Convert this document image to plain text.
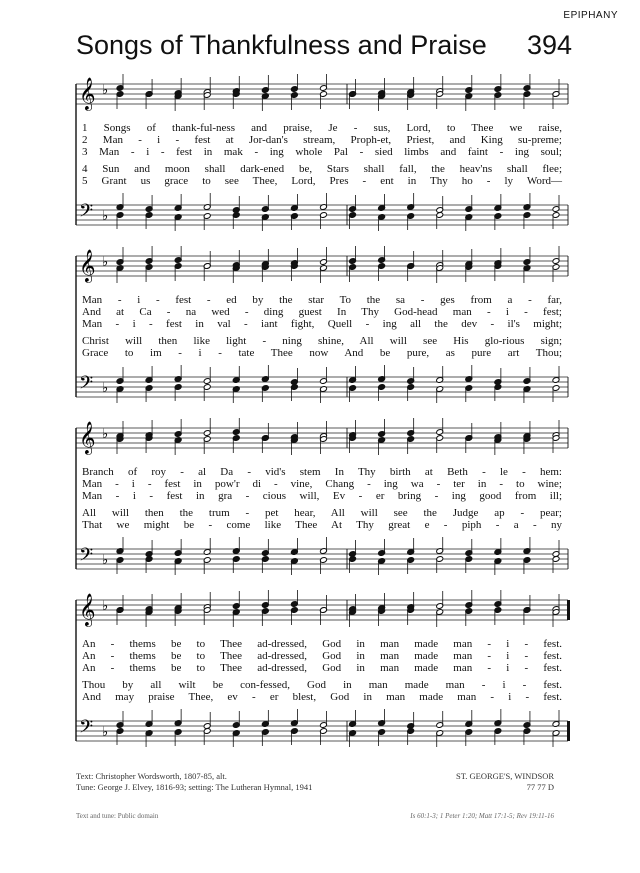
EPIPHANY
Songs of Thankfulness and Praise 394
𝄞
𝄢
♭
♭
1 Songs of thank-ful-ness and praise, Je - sus, Lord, to Thee we raise,
2 Man - i - fest at Jor-dan's stream, Proph-et, Priest, and King su-preme;
3 Man - i - fest in mak - ing whole Pal - sied limbs and faint - ing soul;
4 Sun and moon shall dark-ened be, Stars shall fall, the heav'ns shall flee;
5 Grant us grace to see Thee, Lord, Pres - ent in Thy ho - ly Word—
𝄞
𝄢
♭
♭
Man - i - fest - ed by the star To the sa - ges from a - far,
And at Ca - na wed - ding guest In Thy God-head man - i - fest;
Man - i - fest in val - iant fight, Quell - ing all the dev - il's might;
Christ will then like light - ning shine, All will see His glo-rious sign;
Grace to im - i - tate Thee now And be pure, as pure art Thou;
𝄞
𝄢
♭
♭
Branch of roy - al Da - vid's stem In Thy birth at Beth - le - hem:
Man - i - fest in pow'r di - vine, Chang - ing wa - ter in - to wine;
Man - i - fest in gra - cious will, Ev - er bring - ing good from ill;
All will then the trum - pet hear, All will see the Judge ap - pear;
That we might be - come like Thee At Thy great e - piph - a - ny
𝄞
𝄢
♭
♭
An - thems be to Thee ad-dressed, God in man made man - i - fest.
An - thems be to Thee ad-dressed, God in man made man - i - fest.
An - thems be to Thee ad-dressed, God in man made man - i - fest.
Thou by all wilt be con-fessed, God in man made man - i - fest.
And may praise Thee, ev - er blest, God in man made man - i - fest.
Text: Christopher Wordsworth, 1807-85, alt.
Tune: George J. Elvey, 1816-93; setting: The Lutheran Hymnal, 1941
ST. GEORGE'S, WINDSOR
77 77 D
Text and tune: Public domain	Is 60:1-3; 1 Peter 1:20; Matt 17:1-5; Rev 19:11-16
